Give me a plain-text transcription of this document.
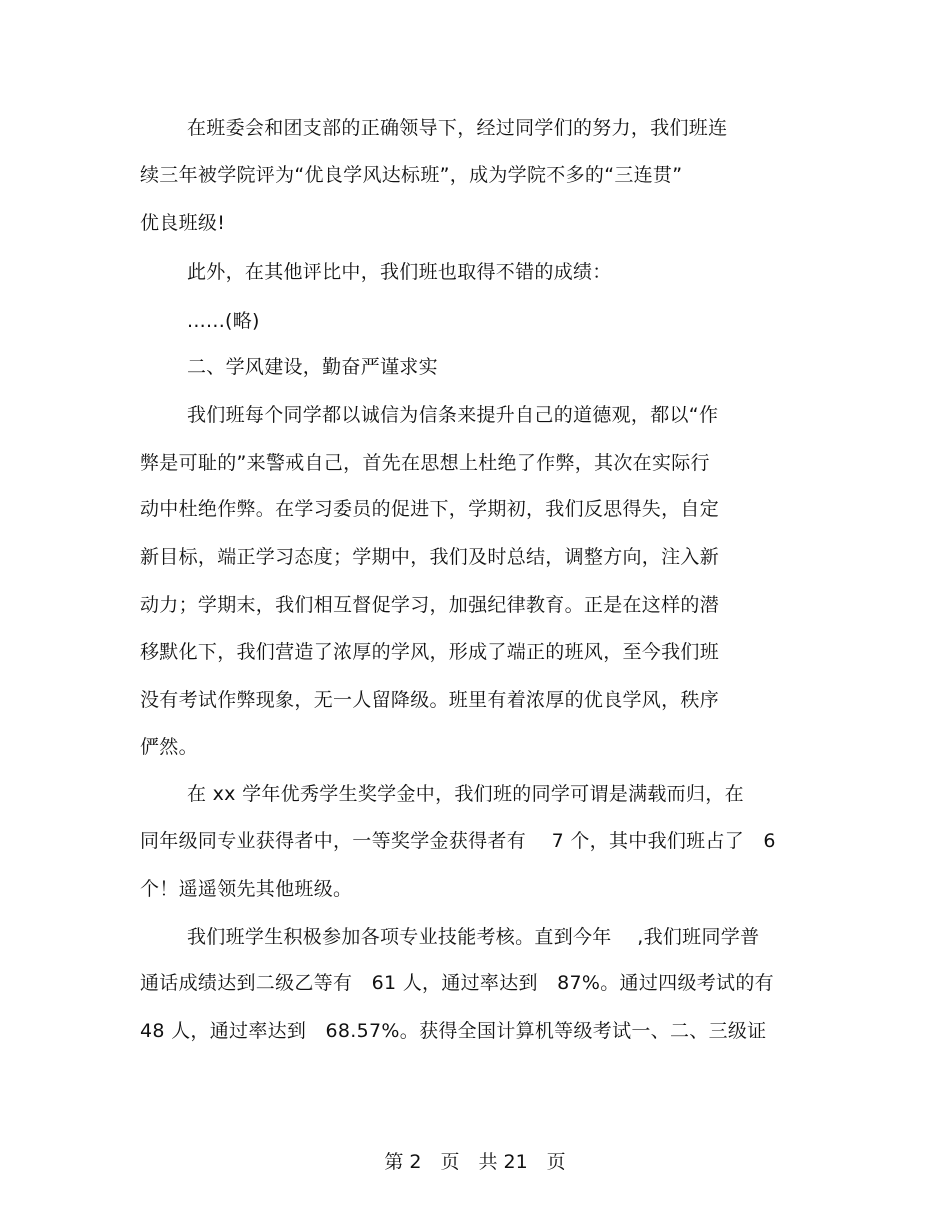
在班委会和团支部的正确领导下，经过同学们的努力，我们班连
续三年被学院评为“优良学风达标班”，成为学院不多的“三连贯”
优良班级!
此外，在其他评比中，我们班也取得不错的成绩：
......(略)
二、学风建设，勤奋严谨求实
我们班每个同学都以诚信为信条来提升自己的道德观，都以“作
弊是可耻的”来警戒自己，首先在思想上杜绝了作弊，其次在实际行
动中杜绝作弊。在学习委员的促进下，学期初，我们反思得失，自定
新目标，端正学习态度；学期中，我们及时总结，调整方向，注入新
动力；学期末，我们相互督促学习，加强纪律教育。正是在这样的潜
移默化下，我们营造了浓厚的学风，形成了端正的班风，至今我们班
没有考试作弊现象，无一人留降级。班里有着浓厚的优良学风，秩序
俨然。
在 xx 学年优秀学生奖学金中，我们班的同学可谓是满载而归，在
同年级同专业获得者中，一等奖学金获得者有　 7 个，其中我们班占了　6
个！遥遥领先其他班级。
我们班学生积极参加各项专业技能考核。直到今年　 ,我们班同学普
通话成绩达到二级乙等有　61 人，通过率达到　87%。通过四级考试的有
48 人，通过率达到　68.57%。获得全国计算机等级考试一、二、三级证
第 2　页　共 21　页
